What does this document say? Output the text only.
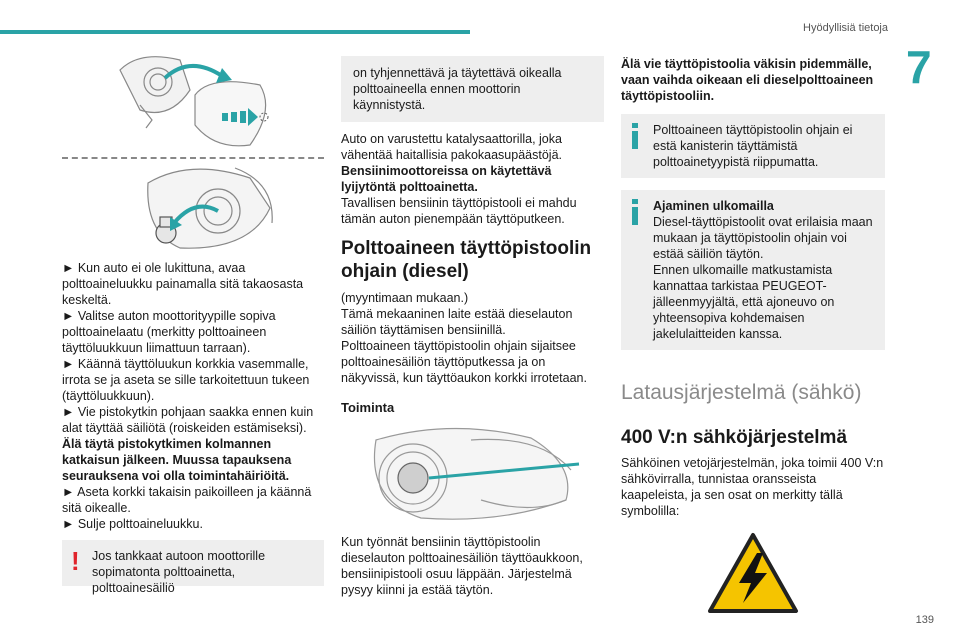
Hyödyllisiä tietoja
7

► Kun auto ei ole lukittuna, avaa polttoaineluukku painamalla sitä takaosasta keskeltä.

► Valitse auton moottorityypille sopiva polttoainelaatu (merkitty polttoaineen täyttöluukkuun liimattuun tarraan).

► Käännä täyttöluukun korkkia vasemmalle, irrota se ja aseta se sille tarkoitettuun tukeen (täyttöluukkuun).

► Vie pistokytkin pohjaan saakka ennen kuin alat täyttää säiliötä (roiskeiden estämiseksi).

Älä täytä pistokytkimen kolmannen katkaisun jälkeen. Muussa tapauksena seurauksena voi olla toimintahäiriöitä.

► Aseta korkki takaisin paikoilleen ja käännä sitä oikealle.

► Sulje polttoaineluukku.

! Jos tankkaat autoon moottorille sopimatonta polttoainetta, polttoainesäiliö
on tyhjennettävä ja täytettävä oikealla polttoaineella ennen moottorin käynnistystä.

Auto on varustettu katalysaattorilla, joka vähentää haitallisia pakokaasupäästöjä.

Bensiinimoottoreissa on käytettävä lyijytöntä polttoainetta.

Tavallisen bensiinin täyttöpistooli ei mahdu tämän auton pienempään täyttöputkeen.

Polttoaineen täyttöpistoolin ohjain (diesel)

(myyntimaan mukaan.)

Tämä mekaaninen laite estää dieselauton säiliön täyttämisen bensiinillä.

Polttoaineen täyttöpistoolin ohjain sijaitsee polttoainesäiliön täyttöputkessa ja on näkyvissä, kun täyttöaukon korkki irrotetaan.

Toiminta

Kun työnnät bensiinin täyttöpistoolin dieselauton polttoainesäiliön täyttöaukkoon, bensiinipistooli osuu läppään. Järjestelmä pysyy kiinni ja estää täytön.

Älä vie täyttöpistoolia väkisin pidemmälle, vaan vaihda oikeaan eli dieselpolttoaineen täyttöpistooliin.

Polttoaineen täyttöpistoolin ohjain ei estä kanisterin täyttämistä polttoainetyypistä riippumatta.

Ajaminen ulkomailla

Diesel-täyttöpistoolit ovat erilaisia maan mukaan ja täyttöpistoolin ohjain voi estää säiliön täytön.

Ennen ulkomaille matkustamista kannattaa tarkistaa PEUGEOT-jälleenmyyjältä, että ajoneuvo on yhteensopiva kohdemaisen jakelulaitteiden kanssa.

Latausjärjestelmä (sähkö)
400 V:n sähköjärjestelmä

Sähköinen vetojärjestelmän, joka toimii 400 V:n sähkövirralla, tunnistaa oransseista kaapeleista, ja sen osat on merkitty tällä symbolilla:

139
